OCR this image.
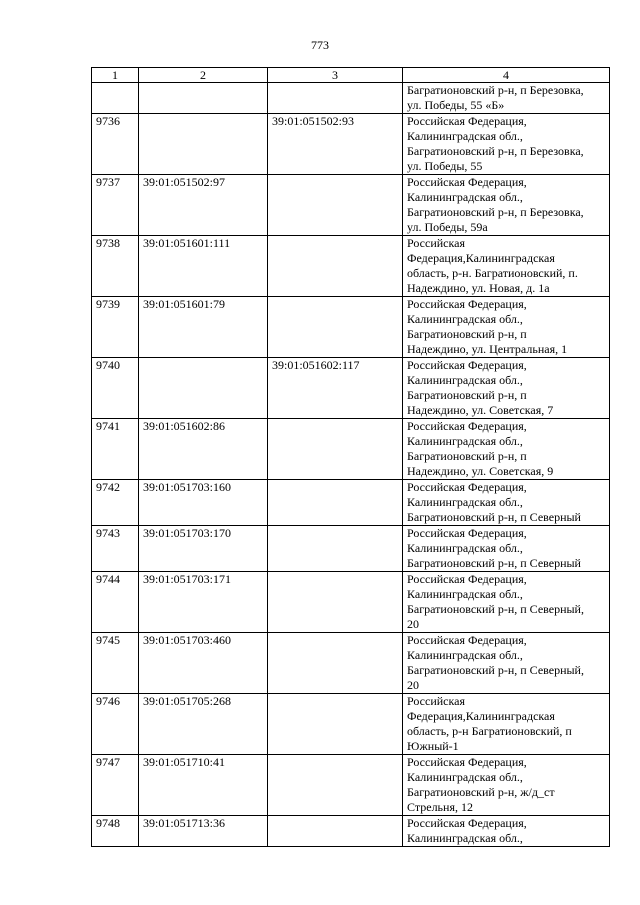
773
1	2	3	4

			Багратионовский р-н, п Березовка,
ул. Победы, 55 «Б»

9736		39:01:051502:93	Российская Федерация,
Калининградская обл.,
Багратионовский р-н, п Березовка,
ул. Победы, 55

9737	39:01:051502:97		Российская Федерация,
Калининградская обл.,
Багратионовский р-н, п Березовка,
ул. Победы, 59а

9738	39:01:051601:111		Российская
Федерация,Калининградская
область, р-н. Багратионовский, п.
Надеждино, ул. Новая, д. 1а

9739	39:01:051601:79		Российская Федерация,
Калининградская обл.,
Багратионовский р-н, п
Надеждино, ул. Центральная, 1

9740		39:01:051602:117	Российская Федерация,
Калининградская обл.,
Багратионовский р-н, п
Надеждино, ул. Советская, 7

9741	39:01:051602:86		Российская Федерация,
Калининградская обл.,
Багратионовский р-н, п
Надеждино, ул. Советская, 9

9742	39:01:051703:160		Российская Федерация,
Калининградская обл.,
Багратионовский р-н, п Северный

9743	39:01:051703:170		Российская Федерация,
Калининградская обл.,
Багратионовский р-н, п Северный

9744	39:01:051703:171		Российская Федерация,
Калининградская обл.,
Багратионовский р-н, п Северный,
20

9745	39:01:051703:460		Российская Федерация,
Калининградская обл.,
Багратионовский р-н, п Северный,
20

9746	39:01:051705:268		Российская
Федерация,Калининградская
область, р-н Багратионовский, п
Южный-1

9747	39:01:051710:41		Российская Федерация,
Калининградская обл.,
Багратионовский р-н, ж/д_ст
Стрельня, 12

9748	39:01:051713:36		Российская Федерация,
Калининградская обл.,
